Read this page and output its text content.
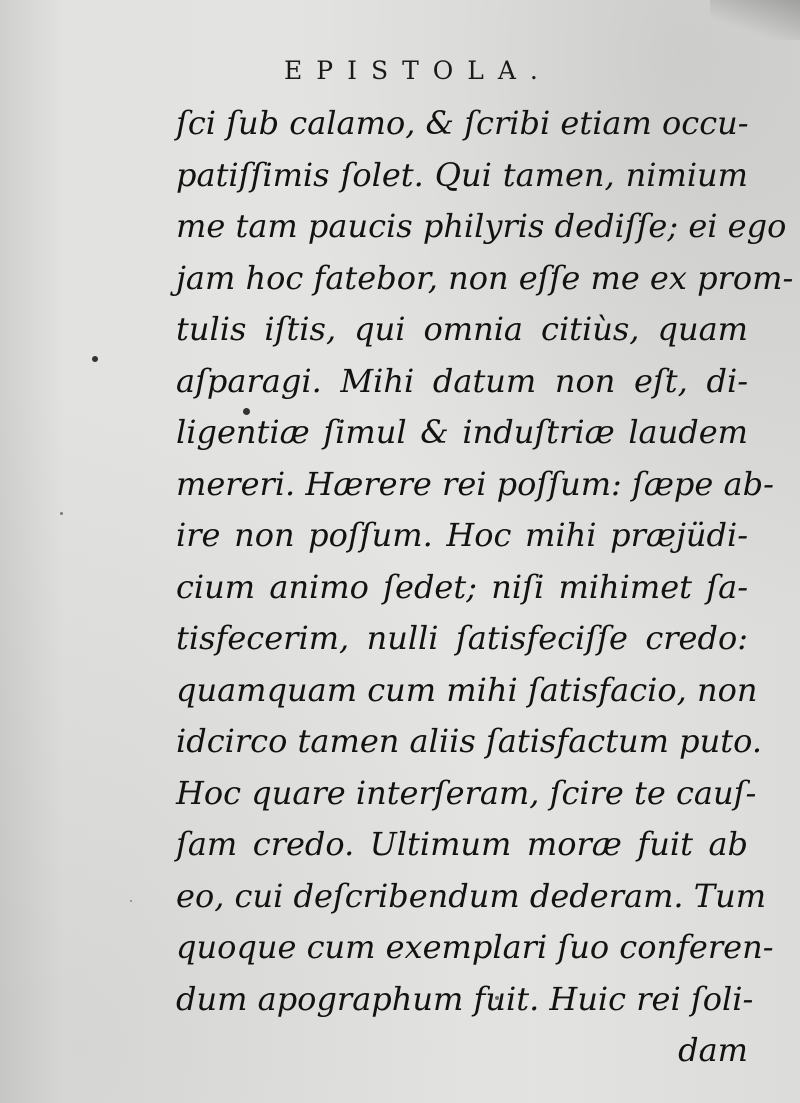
EPISTOLA.
ſci ſub calamo, & ſcribi etiam occu-
patiſſimis ſolet. Qui tamen, nimium
me tam paucis philyris dediſſe; ei ego
jam hoc fatebor, non eſſe me ex prom-
tulis iſtis, qui omnia citiùs, quam
aſparagi. Mihi datum non eſt, di-
ligentiæ ſimul & induſtriæ laudem
mereri. Hærere rei poſſum: ſæpe ab-
ire non poſſum. Hoc mihi præjüdi-
cium animo ſedet; niſi mihimet ſa-
tisfecerim, nulli ſatisfeciſſe credo:
quamquam cum mihi ſatisfacio, non
idcirco tamen aliis ſatisfactum puto.
Hoc quare interſeram, ſcire te cauſ-
ſam credo. Ultimum moræ fuit ab
eo, cui deſcribendum dederam. Tum
quoque cum exemplari ſuo conferen-
dum apographum fuit. Huic rei ſoli-
dam
